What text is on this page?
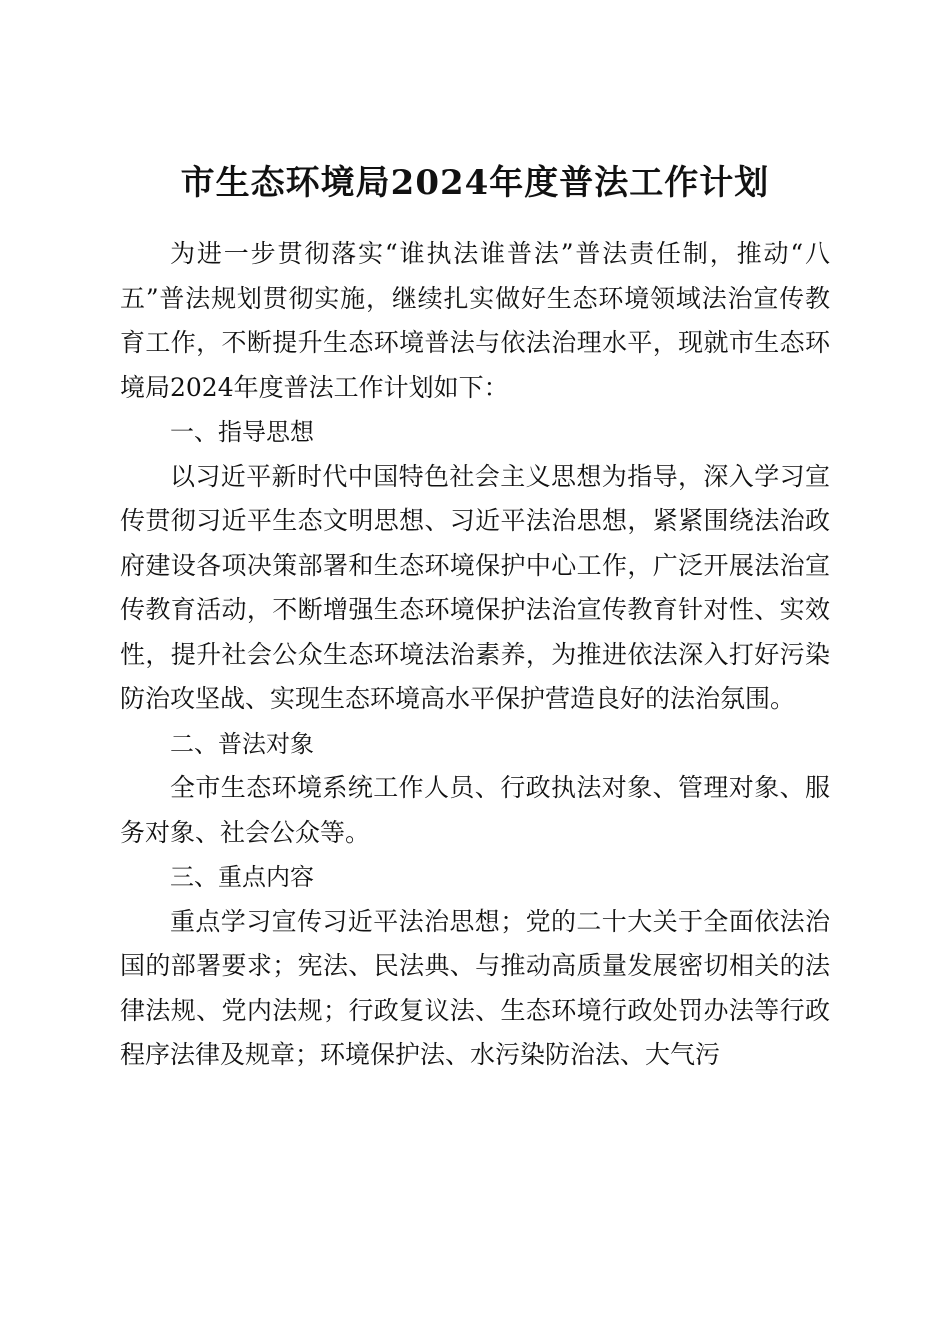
市生态环境局2024年度普法工作计划

为进一步贯彻落实“谁执法谁普法”普法责任制，推动“八五”普法规划贯彻实施，继续扎实做好生态环境领域法治宣传教育工作，不断提升生态环境普法与依法治理水平，现就市生态环境局2024年度普法工作计划如下：

一、指导思想

以习近平新时代中国特色社会主义思想为指导，深入学习宣传贯彻习近平生态文明思想、习近平法治思想，紧紧围绕法治政府建设各项决策部署和生态环境保护中心工作，广泛开展法治宣传教育活动，不断增强生态环境保护法治宣传教育针对性、实效性，提升社会公众生态环境法治素养，为推进依法深入打好污染防治攻坚战、实现生态环境高水平保护营造良好的法治氛围。

二、普法对象

全市生态环境系统工作人员、行政执法对象、管理对象、服务对象、社会公众等。

三、重点内容

重点学习宣传习近平法治思想；党的二十大关于全面依法治国的部署要求；宪法、民法典、与推动高质量发展密切相关的法律法规、党内法规；行政复议法、生态环境行政处罚办法等行政程序法律及规章；环境保护法、水污染防治法、大气污
